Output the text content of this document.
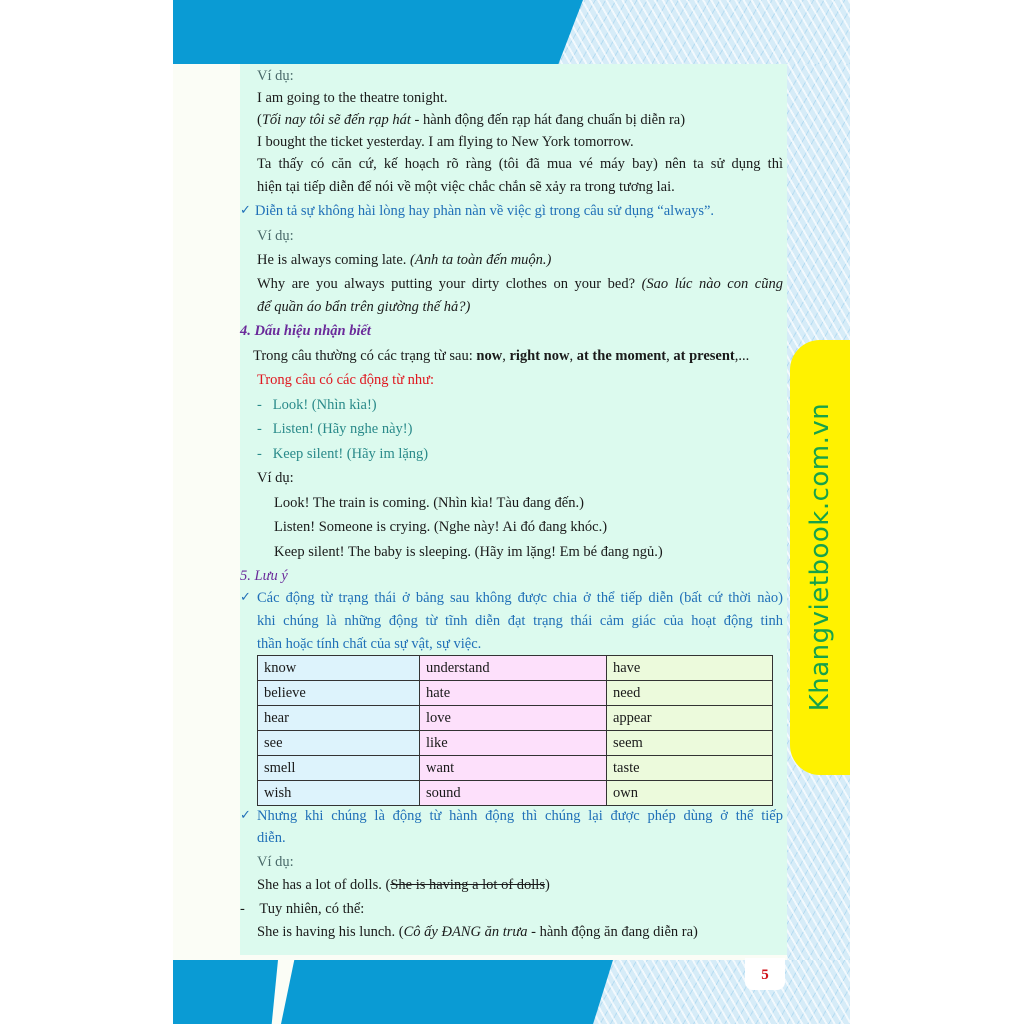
Ví dụ:
I am going to the theatre tonight.
(Tối nay tôi sẽ đến rạp hát - hành động đến rạp hát đang chuẩn bị diễn ra)
I bought the ticket yesterday. I am flying to New York tomorrow.
Ta thấy có căn cứ, kế hoạch rõ ràng (tôi đã mua vé máy bay) nên ta sử dụng thì
hiện tại tiếp diễn để nói về một việc chắc chắn sẽ xảy ra trong tương lai.
✓ Diễn tả sự không hài lòng hay phàn nàn về việc gì trong câu sử dụng “always”.
Ví dụ:
He is always coming late. (Anh ta toàn đến muộn.)
Why are you always putting your dirty clothes on your bed? (Sao lúc nào con cũng
để quần áo bẩn trên giường thế hả?)
4. Dấu hiệu nhận biết
Trong câu thường có các trạng từ sau: now, right now, at the moment, at present,...
Trong câu có các động từ như:
-   Look! (Nhìn kìa!)
-   Listen! (Hãy nghe này!)
-   Keep silent! (Hãy im lặng)
Ví dụ:
Look! The train is coming. (Nhìn kìa! Tàu đang đến.)
Listen! Someone is crying. (Nghe này! Ai đó đang khóc.)
Keep silent! The baby is sleeping. (Hãy im lặng! Em bé đang ngủ.)
5. Lưu ý
✓ Các động từ trạng thái ở bảng sau không được chia ở thể tiếp diễn (bất cứ thời nào)
khi chúng là những động từ tĩnh diễn đạt trạng thái cảm giác của hoạt động tinh
thần hoặc tính chất của sự vật, sự việc.
know	understand	have
believe	hate	need
hear	love	appear
see	like	seem
smell	want	taste
wish	sound	own
✓ Nhưng khi chúng là động từ hành động thì chúng lại được phép dùng ở thể tiếp
diễn.
Ví dụ:
She has a lot of dolls. (She is having a lot of dolls)
-    Tuy nhiên, có thể:
She is having his lunch. (Cô ấy ĐANG ăn trưa - hành động ăn đang diễn ra)
Khangvietbook.com.vn
5
